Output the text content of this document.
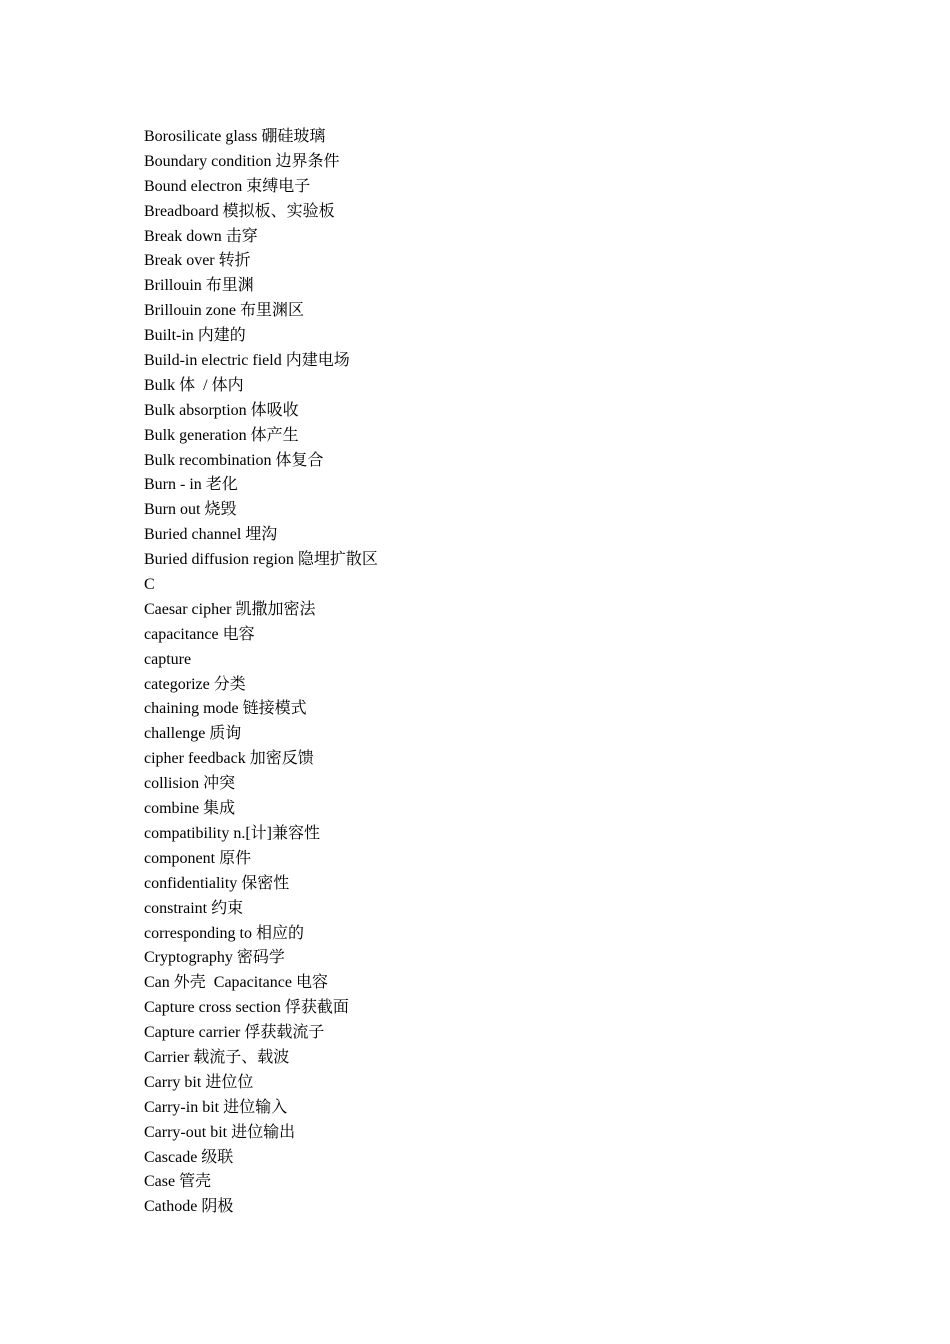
Borosilicate glass 硼硅玻璃
Boundary condition 边界条件
Bound electron 束缚电子
Breadboard 模拟板、实验板
Break down 击穿
Break over 转折
Brillouin 布里渊
Brillouin zone 布里渊区
Built-in 内建的
Build-in electric field 内建电场
Bulk 体  / 体内
Bulk absorption 体吸收
Bulk generation 体产生
Bulk recombination 体复合
Burn - in 老化
Burn out 烧毁
Buried channel 埋沟
Buried diffusion region 隐埋扩散区
C
Caesar cipher 凯撒加密法
capacitance 电容
capture
categorize 分类
chaining mode 链接模式
challenge 质询
cipher feedback 加密反馈
collision 冲突
combine 集成
compatibility n.[计]兼容性
component 原件
confidentiality 保密性
constraint 约束
corresponding to 相应的
Cryptography 密码学
Can 外壳  Capacitance 电容
Capture cross section 俘获截面
Capture carrier 俘获载流子
Carrier 载流子、载波
Carry bit 进位位
Carry-in bit 进位输入
Carry-out bit 进位输出
Cascade 级联
Case 管壳
Cathode 阴极
